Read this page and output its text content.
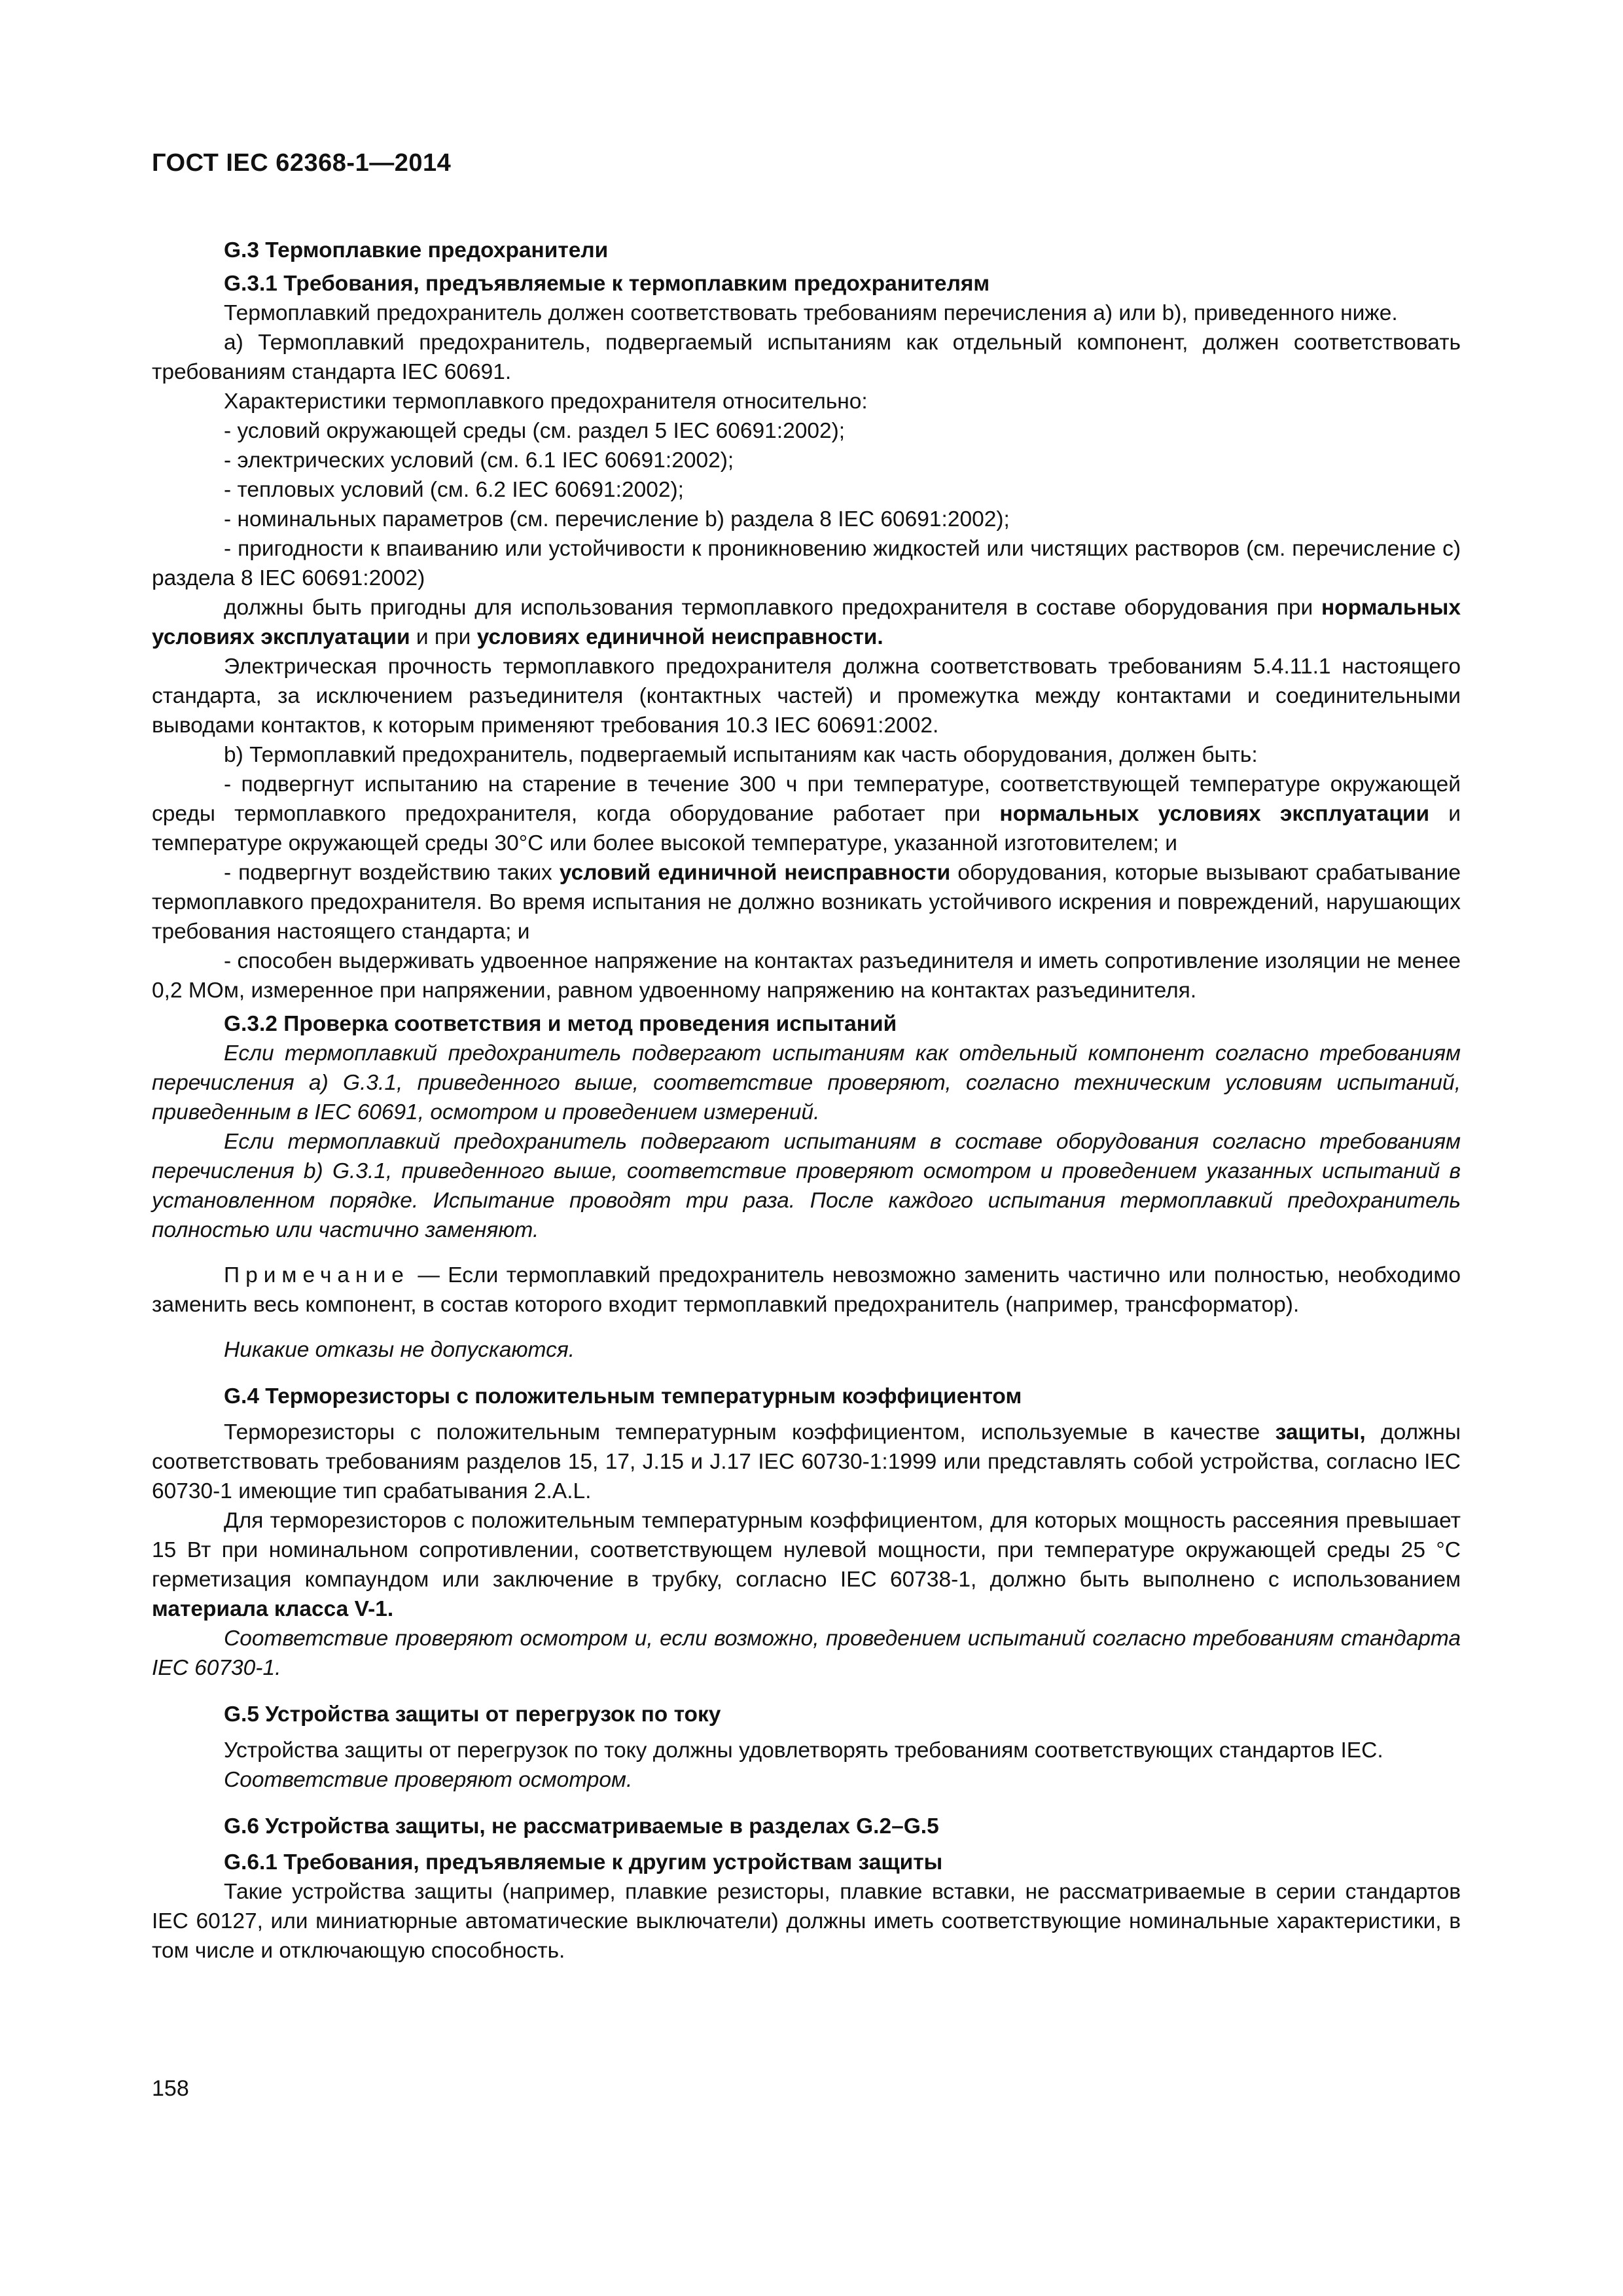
ГОСТ IEC 62368-1—2014

G.3 Термоплавкие предохранители

G.3.1 Требования, предъявляемые к термоплавким предохранителям

Термоплавкий предохранитель должен соответствовать требованиям перечисления a) или b), приведенного ниже.

a) Термоплавкий предохранитель, подвергаемый испытаниям как отдельный компонент, должен соответствовать требованиям стандарта IEC 60691.

Характеристики термоплавкого предохранителя относительно:

- условий окружающей среды (см. раздел 5 IEC 60691:2002);

- электрических условий (см. 6.1 IEC 60691:2002);

- тепловых условий (см. 6.2 IEC 60691:2002);

- номинальных параметров (см. перечисление b) раздела 8 IEC 60691:2002);

- пригодности к впаиванию или устойчивости к проникновению жидкостей или чистящих растворов (см. перечисление c) раздела 8 IEC 60691:2002)

должны быть пригодны для использования термоплавкого предохранителя в составе оборудования при нормальных условиях эксплуатации и при условиях единичной неисправности.

Электрическая прочность термоплавкого предохранителя должна соответствовать требованиям 5.4.11.1 настоящего стандарта, за исключением разъединителя (контактных частей) и промежутка между контактами и соединительными выводами контактов, к которым применяют требования 10.3 IEC 60691:2002.

b) Термоплавкий предохранитель, подвергаемый испытаниям как часть оборудования, должен быть:

- подвергнут испытанию на старение в течение 300 ч при температуре, соответствующей температуре окружающей среды термоплавкого предохранителя, когда оборудование работает при нормальных условиях эксплуатации и температуре окружающей среды 30°C или более высокой температуре, указанной изготовителем; и

- подвергнут воздействию таких условий единичной неисправности оборудования, которые вызывают срабатывание термоплавкого предохранителя. Во время испытания не должно возникать устойчивого искрения и повреждений, нарушающих требования настоящего стандарта; и

- способен выдерживать удвоенное напряжение на контактах разъединителя и иметь сопротивление изоляции не менее 0,2 МОм, измеренное при напряжении, равном удвоенному напряжению на контактах разъединителя.

G.3.2 Проверка соответствия и метод проведения испытаний

Если термоплавкий предохранитель подвергают испытаниям как отдельный компонент согласно требованиям перечисления a) G.3.1, приведенного выше, соответствие проверяют, согласно техническим условиям испытаний, приведенным в IEC 60691, осмотром и проведением измерений.

Если термоплавкий предохранитель подвергают испытаниям в составе оборудования согласно требованиям перечисления b) G.3.1, приведенного выше, соответствие проверяют осмотром и проведением указанных испытаний в установленном порядке. Испытание проводят три раза. После каждого испытания термоплавкий предохранитель полностью или частично заменяют.

Примечание — Если термоплавкий предохранитель невозможно заменить частично или полностью, необходимо заменить весь компонент, в состав которого входит термоплавкий предохранитель (например, трансформатор).

Никакие отказы не допускаются.

G.4 Терморезисторы с положительным температурным коэффициентом

Терморезисторы с положительным температурным коэффициентом, используемые в качестве защиты, должны соответствовать требованиям разделов 15, 17, J.15 и J.17 IEC 60730-1:1999 или представлять собой устройства, согласно IEC 60730-1 имеющие тип срабатывания 2.A.L.

Для терморезисторов с положительным температурным коэффициентом, для которых мощность рассеяния превышает 15 Вт при номинальном сопротивлении, соответствующем нулевой мощности, при температуре окружающей среды 25 °C герметизация компаундом или заключение в трубку, согласно IEC 60738-1, должно быть выполнено с использованием материала класса V-1.

Соответствие проверяют осмотром и, если возможно, проведением испытаний согласно требованиям стандарта IEC 60730-1.

G.5 Устройства защиты от перегрузок по току

Устройства защиты от перегрузок по току должны удовлетворять требованиям соответствующих стандартов IEC.

Соответствие проверяют осмотром.

G.6 Устройства защиты, не рассматриваемые в разделах G.2–G.5

G.6.1 Требования, предъявляемые к другим устройствам защиты

Такие устройства защиты (например, плавкие резисторы, плавкие вставки, не рассматриваемые в серии стандартов IEC 60127, или миниатюрные автоматические выключатели) должны иметь соответствующие номинальные характеристики, в том числе и отключающую способность.

158
